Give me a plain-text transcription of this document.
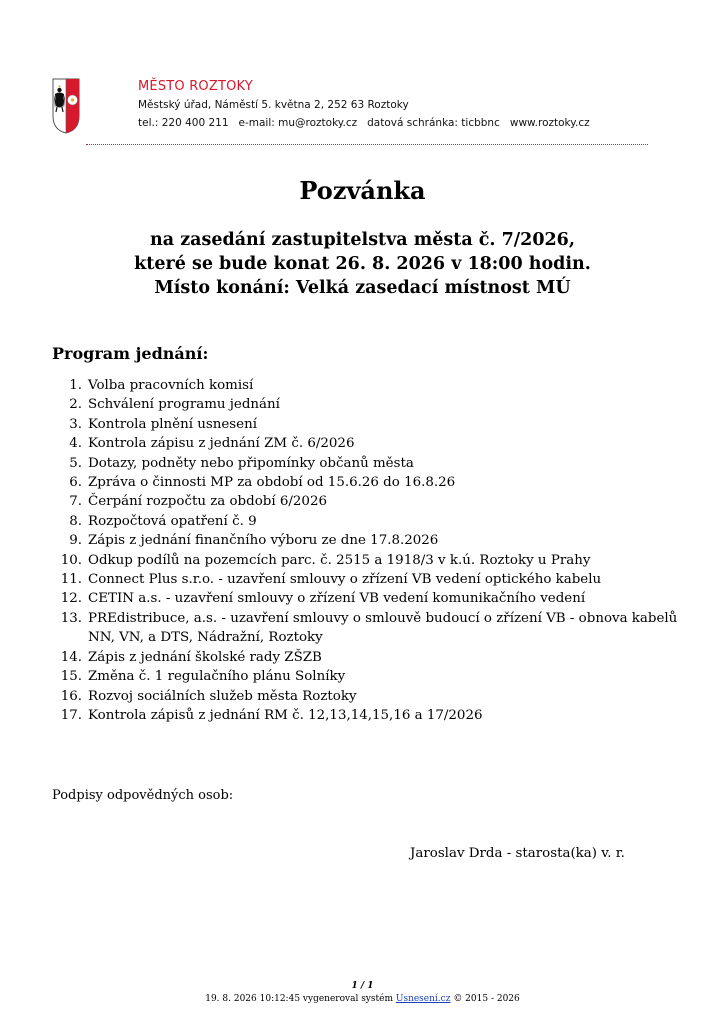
MĚSTO ROZTOKY
Městský úřad, Náměstí 5. května 2, 252 63 Roztoky
tel.: 220 400 211   e-mail: mu@roztoky.cz   datová schránka: ticbbnc   www.roztoky.cz
Pozvánka
na zasedání zastupitelstva města č. 7/2026,
které se bude konat 26. 8. 2026 v 18:00 hodin.
Místo konání: Velká zasedací místnost MÚ
Program jednání:
1. Volba pracovních komisí
2. Schválení programu jednání
3. Kontrola plnění usnesení
4. Kontrola zápisu z jednání ZM č. 6/2026
5. Dotazy, podněty nebo připomínky občanů města
6. Zpráva o činnosti MP za období od 15.6.26 do 16.8.26
7. Čerpání rozpočtu za období 6/2026
8. Rozpočtová opatření č. 9
9. Zápis z jednání finančního výboru ze dne 17.8.2026
10. Odkup podílů na pozemcích parc. č. 2515 a 1918/3 v k.ú. Roztoky u Prahy
11. Connect Plus s.r.o. - uzavření smlouvy o zřízení VB vedení optického kabelu
12. CETIN a.s. - uzavření smlouvy o zřízení VB vedení komunikačního vedení
13. PREdistribuce, a.s. - uzavření smlouvy o smlouvě budoucí o zřízení VB - obnova kabelů NN, VN, a DTS, Nádražní, Roztoky
14. Zápis z jednání školské rady ZŠZB
15. Změna č. 1 regulačního plánu Solníky
16. Rozvoj sociálních služeb města Roztoky
17. Kontrola zápisů z jednání RM č. 12,13,14,15,16 a 17/2026
Podpisy odpovědných osob:
Jaroslav Drda - starosta(ka) v. r.
1 / 1
19. 8. 2026 10:12:45 vygeneroval systém Usnesení.cz © 2015 - 2026
